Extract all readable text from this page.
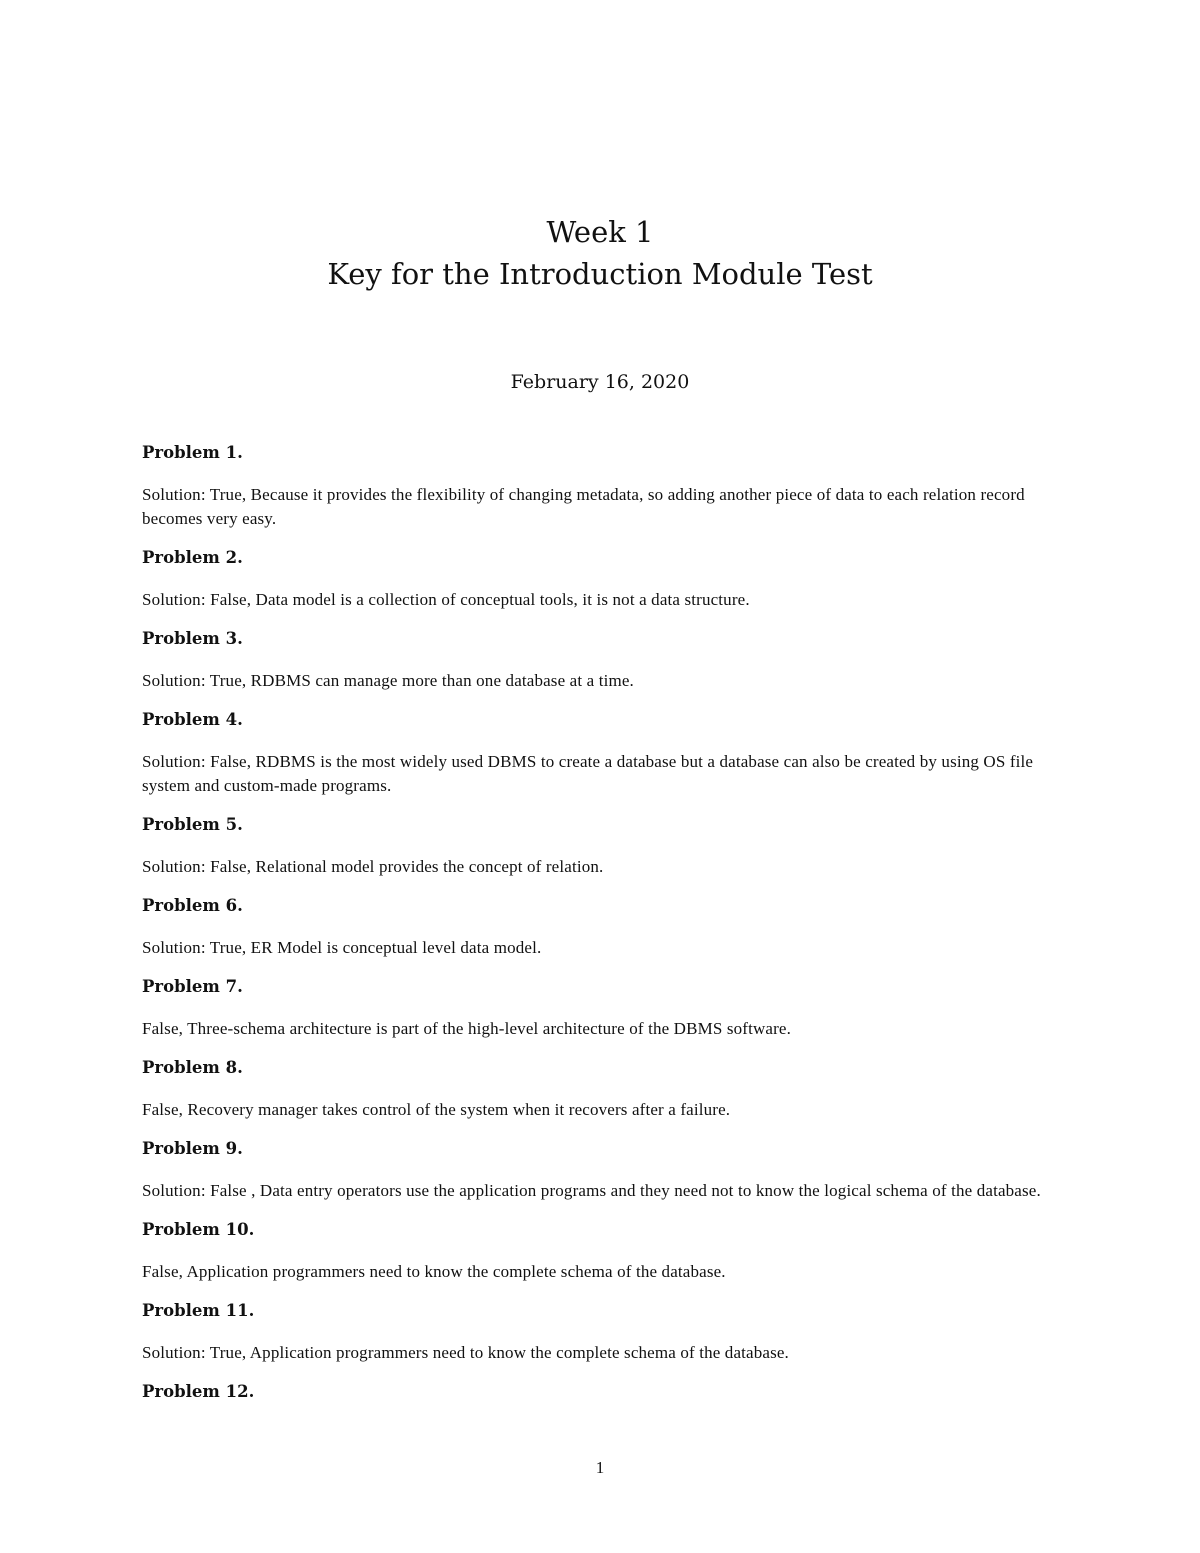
Week 1
Key for the Introduction Module Test
February 16, 2020
Problem 1.
Solution: True, Because it provides the flexibility of changing metadata, so adding another piece of data to each relation record becomes very easy.
Problem 2.
Solution: False, Data model is a collection of conceptual tools, it is not a data structure.
Problem 3.
Solution: True, RDBMS can manage more than one database at a time.
Problem 4.
Solution: False, RDBMS is the most widely used DBMS to create a database but a database can also be created by using OS file system and custom-made programs.
Problem 5.
Solution: False, Relational model provides the concept of relation.
Problem 6.
Solution: True, ER Model is conceptual level data model.
Problem 7.
False, Three-schema architecture is part of the high-level architecture of the DBMS software.
Problem 8.
False, Recovery manager takes control of the system when it recovers after a failure.
Problem 9.
Solution: False , Data entry operators use the application programs and they need not to know the logical schema of the database.
Problem 10.
False, Application programmers need to know the complete schema of the database.
Problem 11.
Solution: True, Application programmers need to know the complete schema of the database.
Problem 12.
1
